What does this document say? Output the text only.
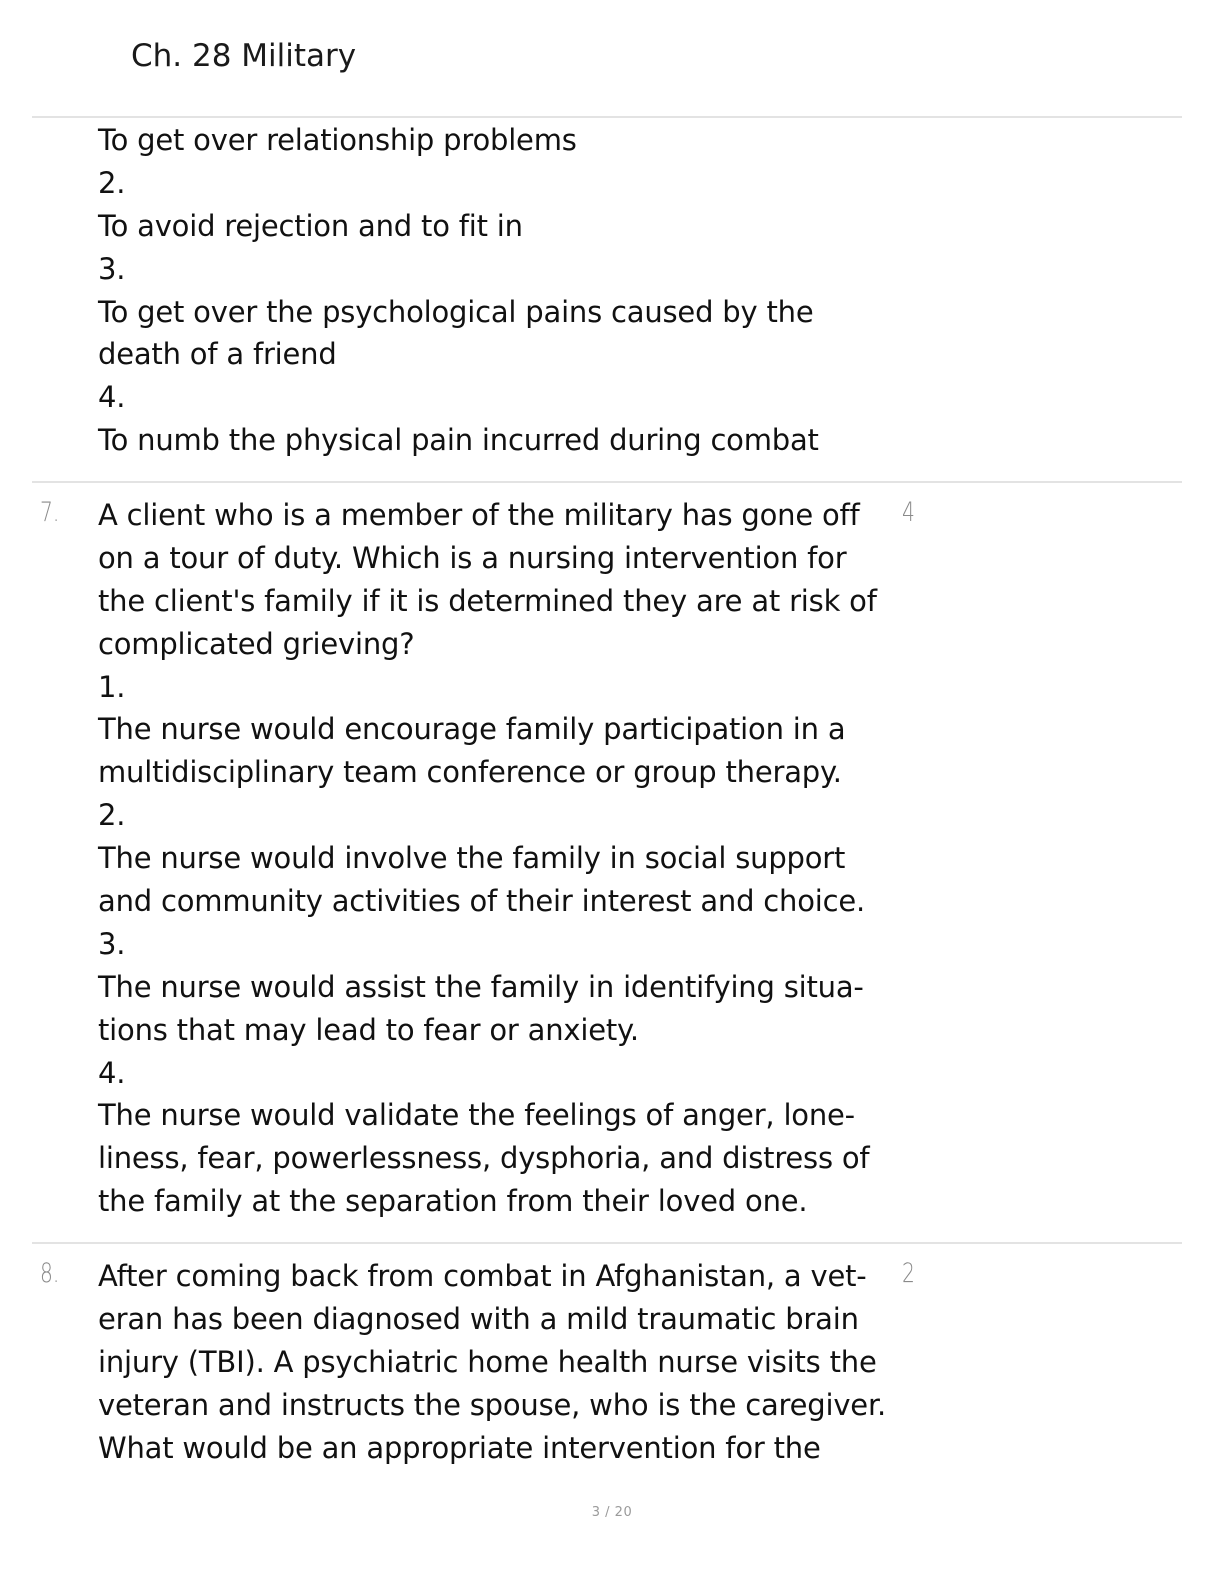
Ch. 28 Military
To get over relationship problems
2.
To avoid rejection and to fit in
3.
To get over the psychological pains caused by the
death of a friend
4.
To numb the physical pain incurred during combat
7.	4
A client who is a member of the military has gone off
on a tour of duty. Which is a nursing intervention for
the client's family if it is determined they are at risk of
complicated grieving?
1.
The nurse would encourage family participation in a
multidisciplinary team conference or group therapy.
2.
The nurse would involve the family in social support
and community activities of their interest and choice.
3.
The nurse would assist the family in identifying situa-
tions that may lead to fear or anxiety.
4.
The nurse would validate the feelings of anger, lone-
liness, fear, powerlessness, dysphoria, and distress of
the family at the separation from their loved one.
8.	2
After coming back from combat in Afghanistan, a vet-
eran has been diagnosed with a mild traumatic brain
injury (TBI). A psychiatric home health nurse visits the
veteran and instructs the spouse, who is the caregiver.
What would be an appropriate intervention for the
3 / 20
